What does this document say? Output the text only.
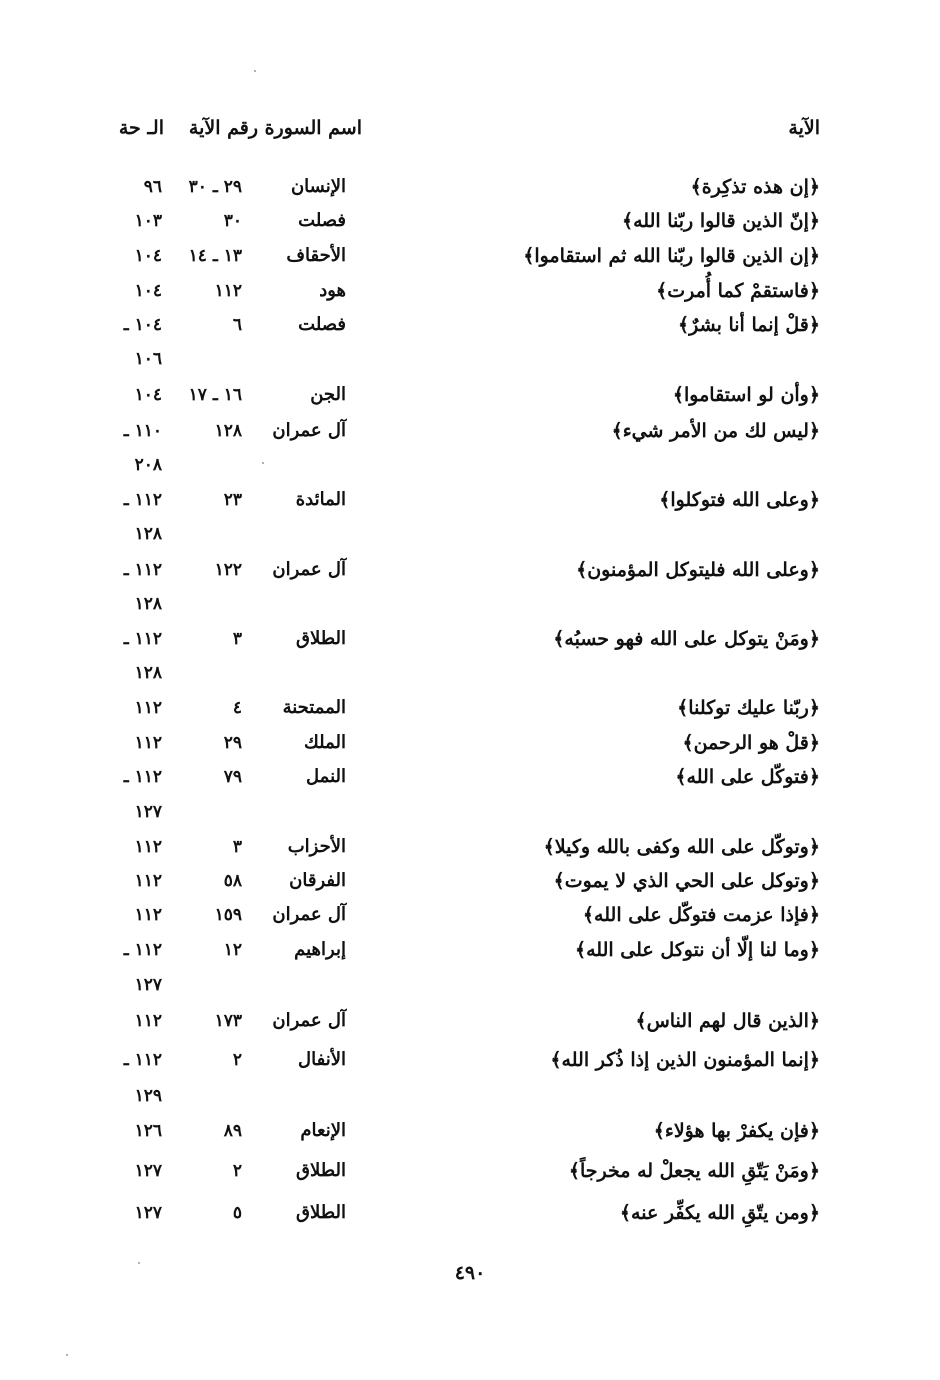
الآية
اسم السورة
رقم الآية
الـ حة
﴿إن هذه تذكِرة﴾
الإنسان
٢٩ ـ ٣٠
٩٦
﴿إنّ الذين قالوا ربّنا الله﴾
فصلت
٣٠
١٠٣
﴿إن الذين قالوا ربّنا الله ثم استقاموا﴾
الأحقاف
١٣ ـ ١٤
١٠٤
﴿فاستقمْ كما أُمرت﴾
هود
١١٢
١٠٤
﴿قلْ إنما أنا بشرٌ﴾
فصلت
٦
١٠٤ ـ
١٠٦
﴿وأن لو استقاموا﴾
الجن
١٦ ـ ١٧
١٠٤
﴿ليس لك من الأمر شيء﴾
آل عمران
١٢٨
١١٠ ـ
٢٠٨
﴿وعلى الله فتوكلوا﴾
المائدة
٢٣
١١٢ ـ
١٢٨
﴿وعلى الله فليتوكل المؤمنون﴾
آل عمران
١٢٢
١١٢ ـ
١٢٨
﴿ومَنْ يتوكل على الله فهو حسبُه﴾
الطلاق
٣
١١٢ ـ
١٢٨
﴿ربّنا عليك توكلنا﴾
الممتحنة
٤
١١٢
﴿قلْ هو الرحمن﴾
الملك
٢٩
١١٢
﴿فتوكّل على الله﴾
النمل
٧٩
١١٢ ـ
١٢٧
﴿وتوكّل على الله وكفى بالله وكيلا﴾
الأحزاب
٣
١١٢
﴿وتوكل على الحي الذي لا يموت﴾
الفرقان
٥٨
١١٢
﴿فإذا عزمت فتوكّل على الله﴾
آل عمران
١٥٩
١١٢
﴿وما لنا إلّا أن نتوكل على الله﴾
إبراهيم
١٢
١١٢ ـ
١٢٧
﴿الذين قال لهم الناس﴾
آل عمران
١٧٣
١١٢
﴿إنما المؤمنون الذين إذا ذُكر الله﴾
الأنفال
٢
١١٢ ـ
١٢٩
﴿فإن يكفرْ بها هؤلاء﴾
الإنعام
٨٩
١٢٦
﴿ومَنْ يَتّقِ الله يجعلْ له مخرجاً﴾
الطلاق
٢
١٢٧
﴿ومن يتّقِ الله يكفِّر عنه﴾
الطلاق
٥
١٢٧
٤٩٠
